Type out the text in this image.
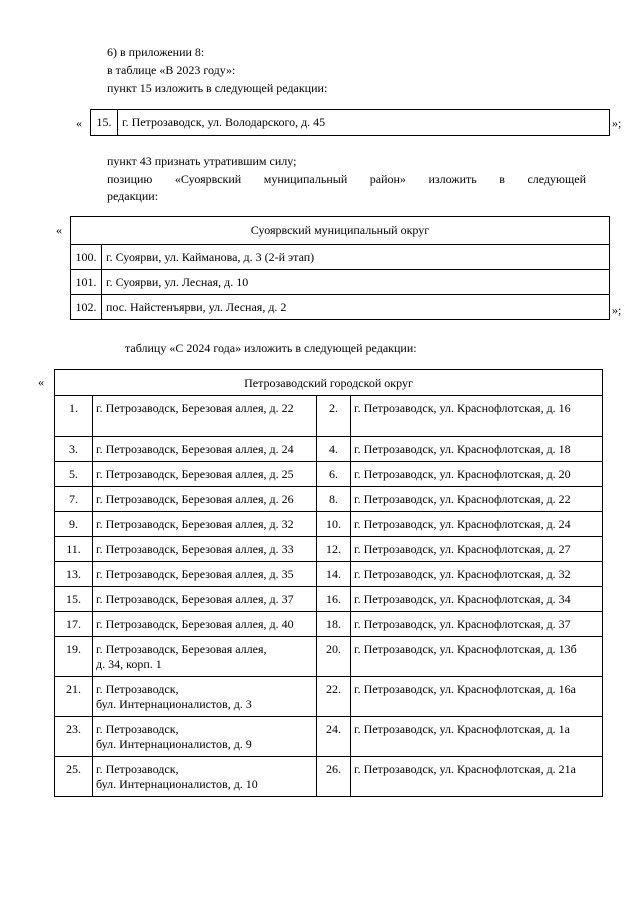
6) в приложении 8:
в таблице «В 2023 году»:
пункт 15 изложить в следующей редакции:
« 15.	г. Петрозаводск, ул. Володарского, д. 45	»;
пункт 43 признать утратившим силу;
позицию «Суоярвский муниципальный район» изложить в следующей
редакции:
«	Суоярвский муниципальный округ	
100.	г. Суоярви, ул. Кайманова, д. 3 (2-й этап)
101.	г. Суоярви, ул. Лесная, д. 10
102.	пос. Найстенъярви, ул. Лесная, д. 2	»;
таблицу «С 2024 года» изложить в следующей редакции:
«	Петрозаводский городской округ			
1.	г. Петрозаводск, Березовая аллея, д. 22	2.	г. Петрозаводск, ул. Краснофлотская, д. 16
3.	г. Петрозаводск, Березовая аллея, д. 24	4.	г. Петрозаводск, ул. Краснофлотская, д. 18
5.	г. Петрозаводск, Березовая аллея, д. 25	6.	г. Петрозаводск, ул. Краснофлотская, д. 20
7.	г. Петрозаводск, Березовая аллея, д. 26	8.	г. Петрозаводск, ул. Краснофлотская, д. 22
9.	г. Петрозаводск, Березовая аллея, д. 32	10.	г. Петрозаводск, ул. Краснофлотская, д. 24
11.	г. Петрозаводск, Березовая аллея, д. 33	12.	г. Петрозаводск, ул. Краснофлотская, д. 27
13.	г. Петрозаводск, Березовая аллея, д. 35	14.	г. Петрозаводск, ул. Краснофлотская, д. 32
15.	г. Петрозаводск, Березовая аллея, д. 37	16.	г. Петрозаводск, ул. Краснофлотская, д. 34
17.	г. Петрозаводск, Березовая аллея, д. 40	18.	г. Петрозаводск, ул. Краснофлотская, д. 37
19.	г. Петрозаводск, Березовая аллея,
д. 34, корп. 1	20.	г. Петрозаводск, ул. Краснофлотская, д. 13б
21.	г. Петрозаводск,
бул. Интернационалистов, д. 3	22.	г. Петрозаводск, ул. Краснофлотская, д. 16а
23.	г. Петрозаводск,
бул. Интернационалистов, д. 9	24.	г. Петрозаводск, ул. Краснофлотская, д. 1а
25.	г. Петрозаводск,
бул. Интернационалистов, д. 10	26.	г. Петрозаводск, ул. Краснофлотская, д. 21а
